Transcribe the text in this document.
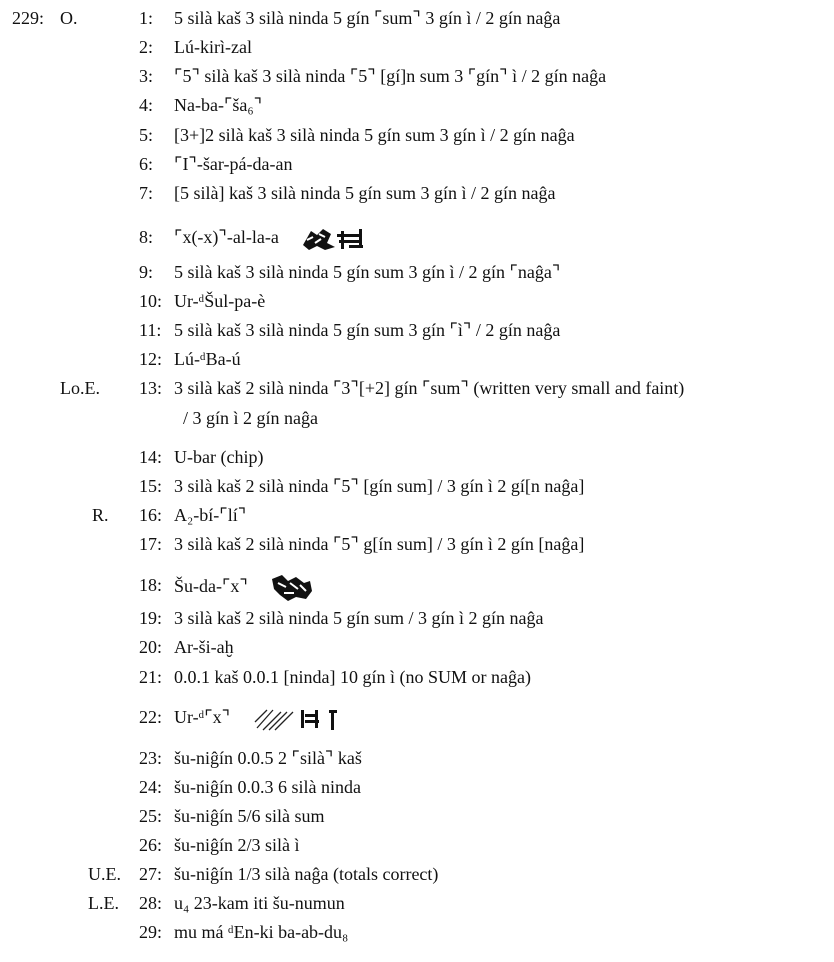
229: O.	1: 5 silà kaš 3 silà ninda 5 gín ⌜sum⌝ 3 gín ì / 2 gín naĝa
2: Lú-kirì-zal
3: ⌜5⌝ silà kaš 3 silà ninda ⌜5⌝ [gí]n sum 3 ⌜gín⌝ ì / 2 gín naĝa
4: Na-ba-⌜ša₆⌝
5: [3+]2 silà kaš 3 silà ninda 5 gín sum 3 gín ì / 2 gín naĝa
6: ⌜I⌝-šar-pá-da-an
7: [5 silà] kaš 3 silà ninda 5 gín sum 3 gín ì / 2 gín naĝa
8: ⌜x(-x)⌝-al-la-a
9: 5 silà kaš 3 silà ninda 5 gín sum 3 gín ì / 2 gín ⌜naĝa⌝
10: Ur-ᵈŠul-pa-è
11: 5 silà kaš 3 silà ninda 5 gín sum 3 gín ⌜ì⌝ / 2 gín naĝa
12: Lú-ᵈBa-ú
Lo.E. 13: 3 silà kaš 2 silà ninda ⌜3⌝[+2] gín ⌜sum⌝ (written very small and faint)
/ 3 gín ì 2 gín naĝa
14: U-bar (chip)
15: 3 silà kaš 2 silà ninda ⌜5⌝ [gín sum] / 3 gín ì 2 gí[n naĝa]
R. 16: A₂-bí-⌜lí⌝
17: 3 silà kaš 2 silà ninda ⌜5⌝ g[ín sum] / 3 gín ì 2 gín [naĝa]
18: Šu-da-⌜x⌝
19: 3 silà kaš 2 silà ninda 5 gín sum / 3 gín ì 2 gín naĝa
20: Ar-ši-aḫ
21: 0.0.1 kaš 0.0.1 [ninda] 10 gín ì (no SUM or naĝa)
22: Ur-ᵈ⌜x⌝
23: šu-niĝín 0.0.5 2 ⌜silà⌝ kaš
24: šu-niĝín 0.0.3 6 silà ninda
25: šu-niĝín 5/6 silà sum
26: šu-niĝín 2/3 silà ì
U.E. 27: šu-niĝín 1/3 silà naĝa (totals correct)
L.E. 28: u₄ 23-kam iti šu-numun
29: mu má ᵈEn-ki ba-ab-du₈
